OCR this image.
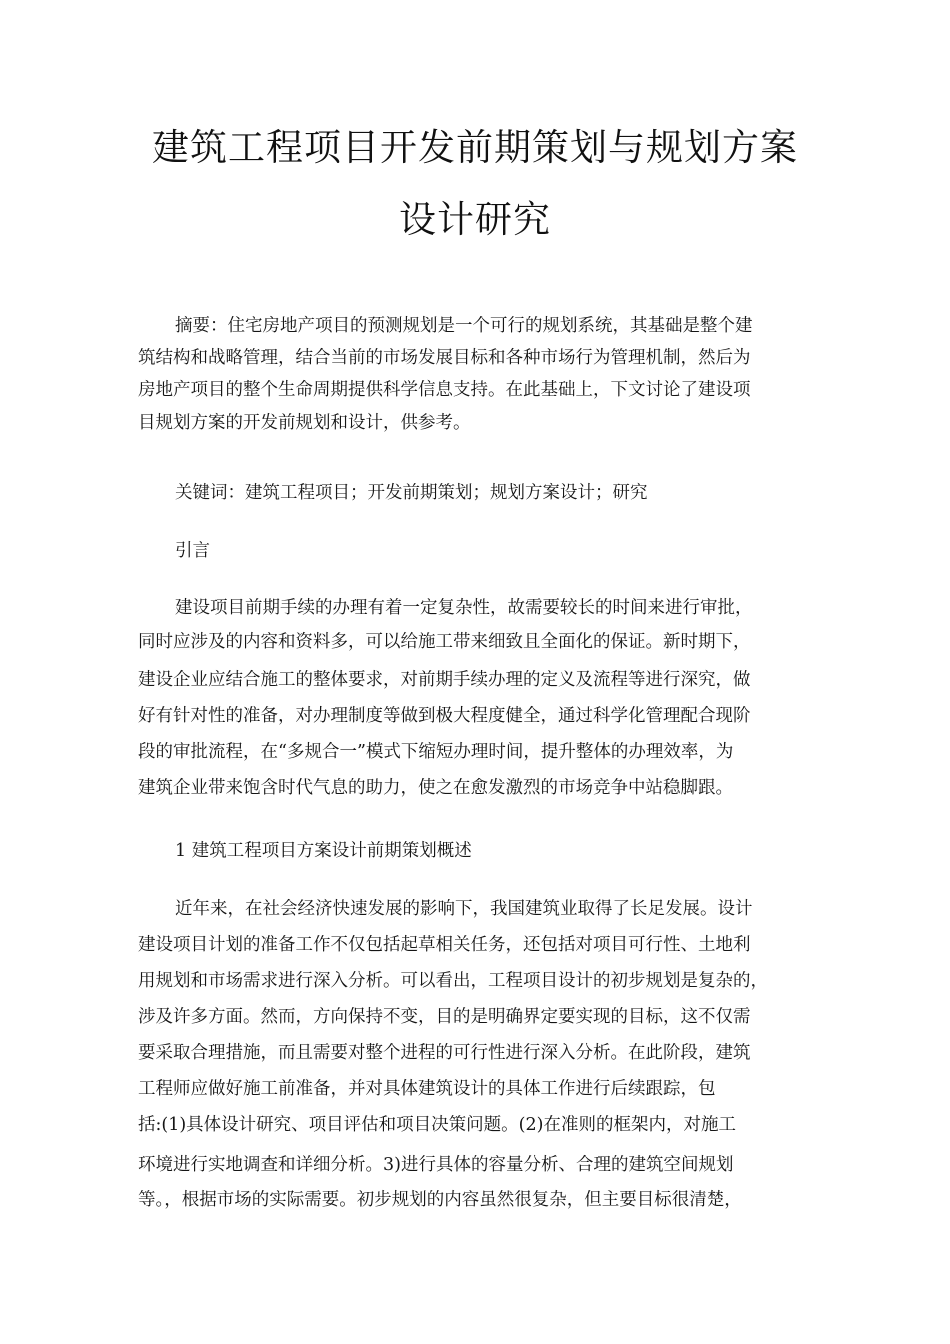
建筑工程项目开发前期策划与规划方案
设计研究
摘要：住宅房地产项目的预测规划是一个可行的规划系统，其基础是整个建
筑结构和战略管理，结合当前的市场发展目标和各种市场行为管理机制，然后为
房地产项目的整个生命周期提供科学信息支持。在此基础上，下文讨论了建设项
目规划方案的开发前规划和设计，供参考。
关键词：建筑工程项目；开发前期策划；规划方案设计；研究
引言
建设项目前期手续的办理有着一定复杂性，故需要较长的时间来进行审批，
同时应涉及的内容和资料多，可以给施工带来细致且全面化的保证。新时期下，
建设企业应结合施工的整体要求，对前期手续办理的定义及流程等进行深究，做
好有针对性的准备，对办理制度等做到极大程度健全，通过科学化管理配合现阶
段的审批流程，在“多规合一”模式下缩短办理时间，提升整体的办理效率，为
建筑企业带来饱含时代气息的助力，使之在愈发激烈的市场竞争中站稳脚跟。
1 建筑工程项目方案设计前期策划概述
近年来，在社会经济快速发展的影响下，我国建筑业取得了长足发展。设计
建设项目计划的准备工作不仅包括起草相关任务，还包括对项目可行性、土地利
用规划和市场需求进行深入分析。可以看出，工程项目设计的初步规划是复杂的，
涉及许多方面。然而，方向保持不变，目的是明确界定要实现的目标，这不仅需
要采取合理措施，而且需要对整个进程的可行性进行深入分析。在此阶段，建筑
工程师应做好施工前准备，并对具体建筑设计的具体工作进行后续跟踪，包
括:(1)具体设计研究、项目评估和项目决策问题。(2)在准则的框架内，对施工
环境进行实地调查和详细分析。3)进行具体的容量分析、合理的建筑空间规划
等。，根据市场的实际需要。初步规划的内容虽然很复杂，但主要目标很清楚，
